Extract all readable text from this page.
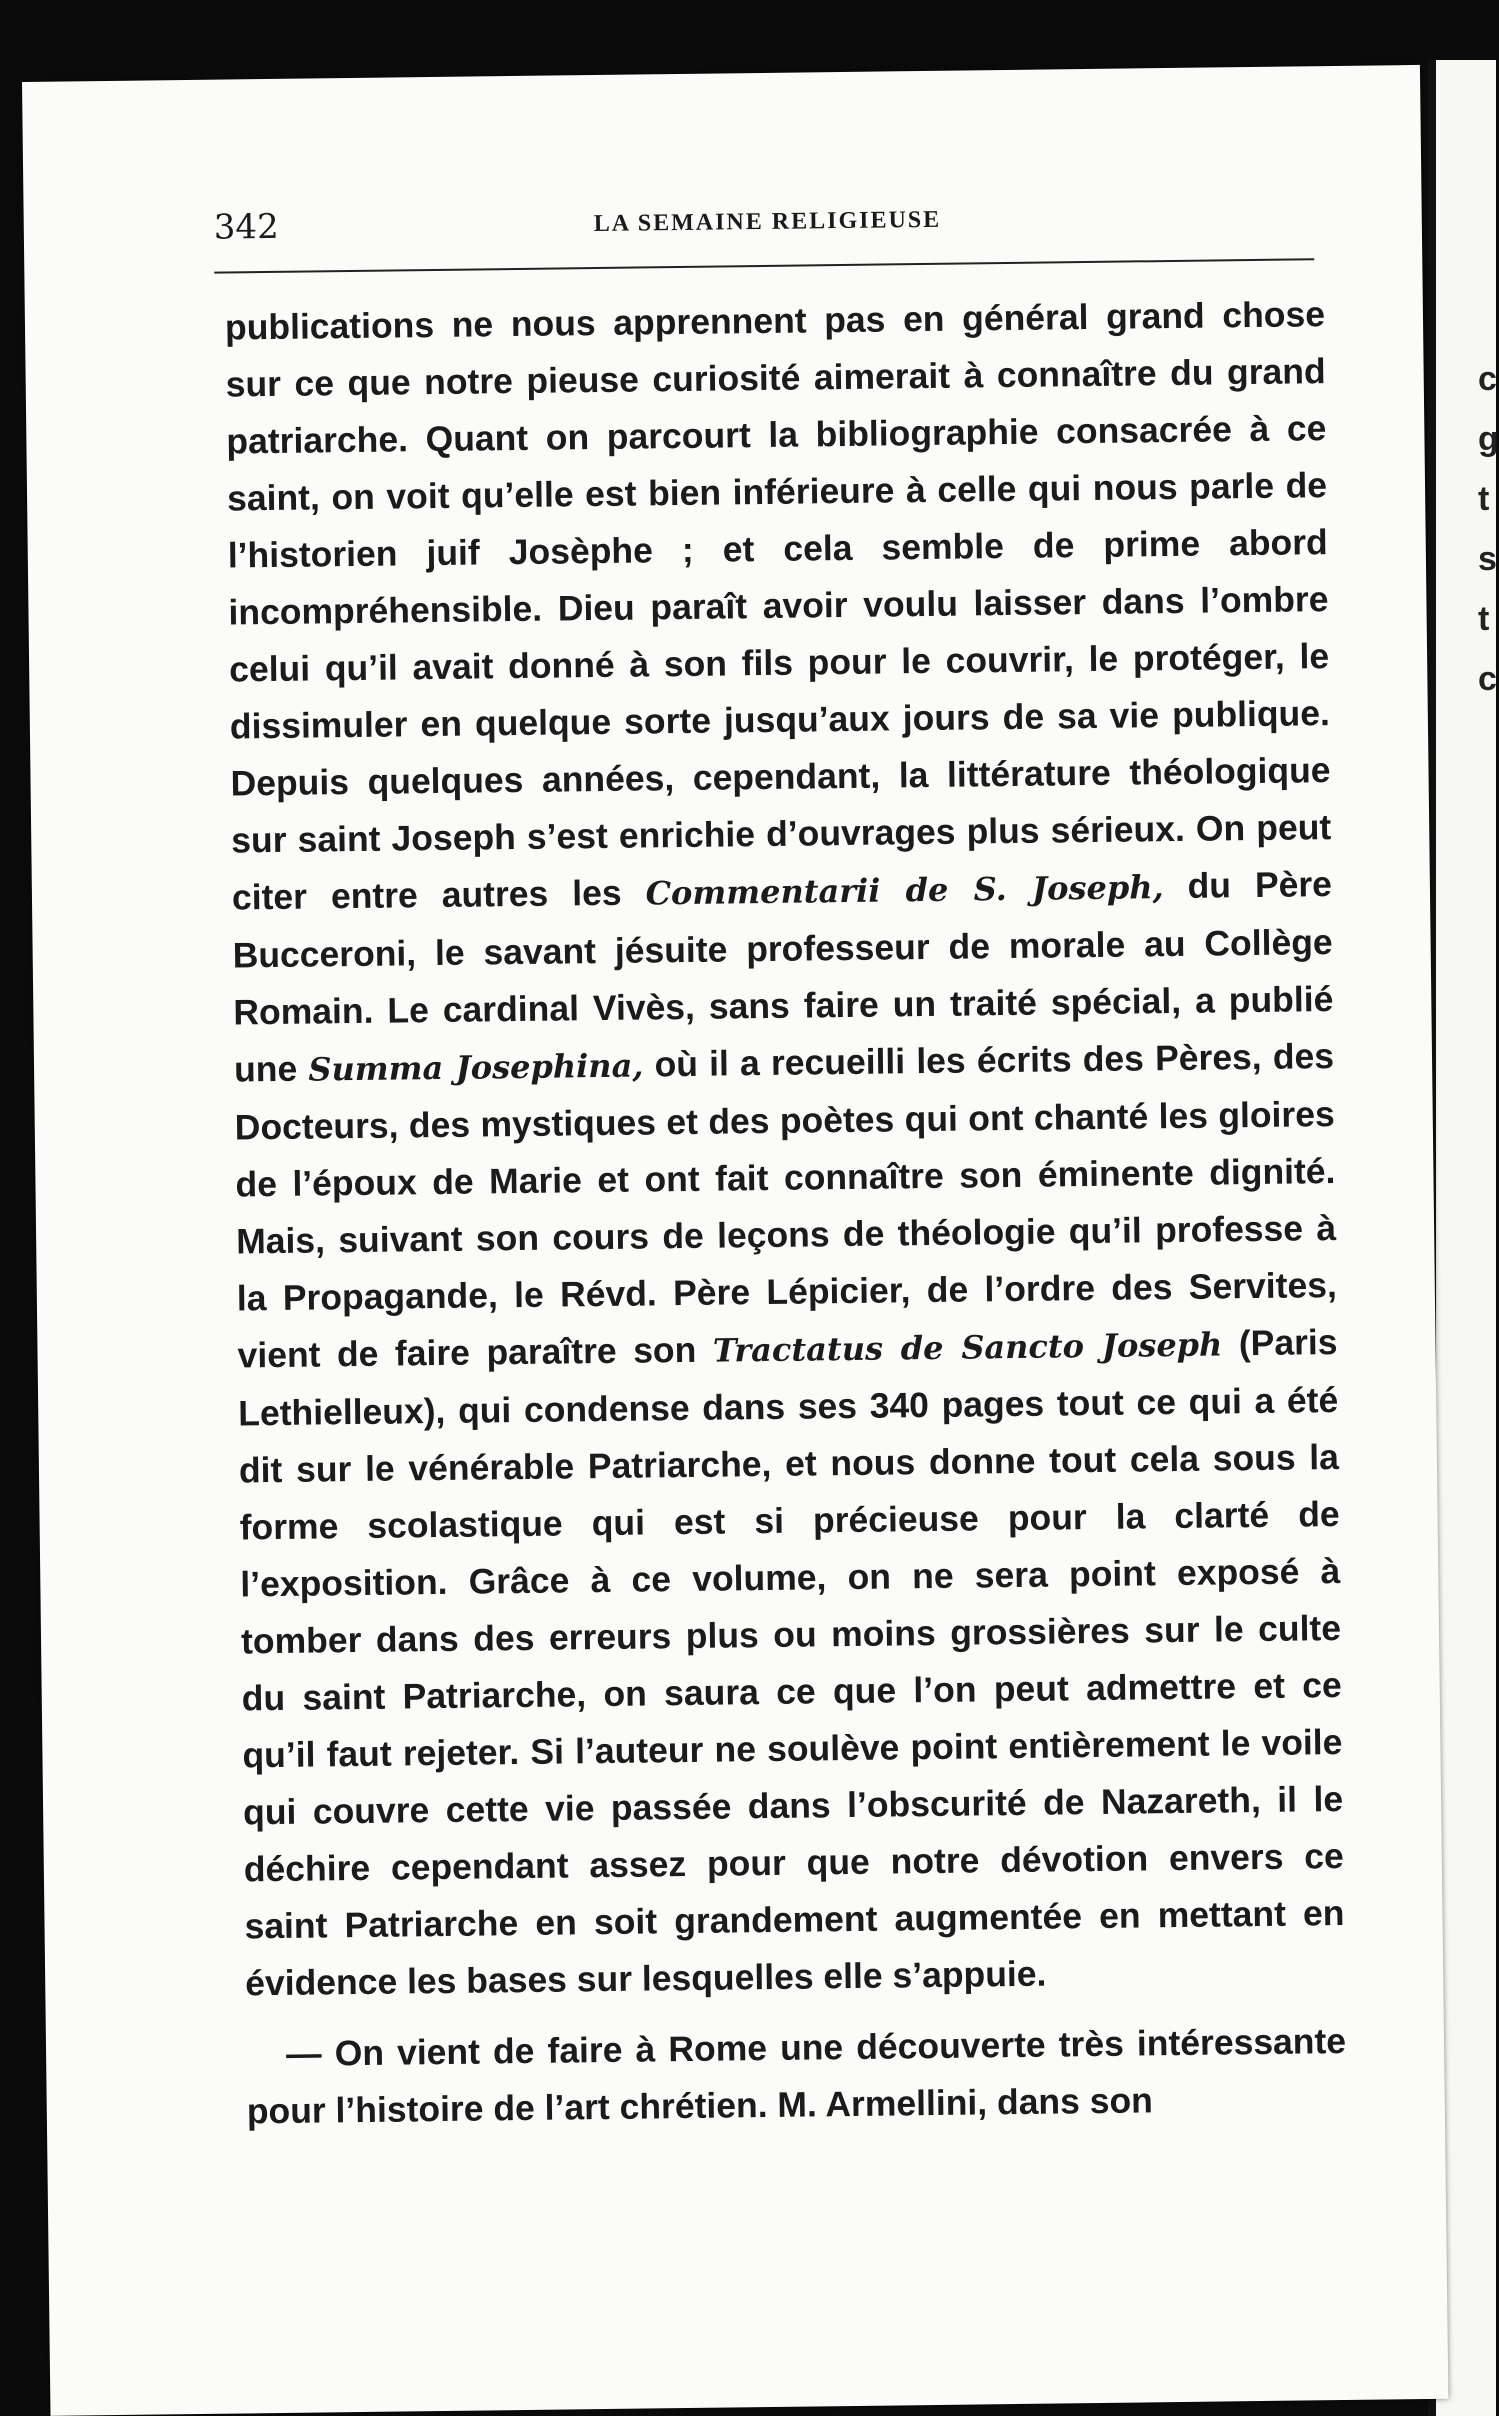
c
g
t
s
t
c
342	LA SEMAINE RELIGIEUSE

publications ne nous apprennent pas en général grand chose sur ce que notre pieuse curiosité aimerait à connaître du grand patriarche. Quant on parcourt la bibliographie consacrée à ce saint, on voit qu’elle est bien inférieure à celle qui nous parle de l’historien juif Josèphe ; et cela semble de prime abord incompréhensible. Dieu paraît avoir voulu laisser dans l’ombre celui qu’il avait donné à son fils pour le couvrir, le protéger, le dissimuler en quelque sorte jusqu’aux jours de sa vie publique. Depuis quelques années, cependant, la littérature théologique sur saint Joseph s’est enrichie d’ouvrages plus sérieux. On peut citer entre autres les Commentarii de S. Joseph, du Père Bucceroni, le savant jésuite professeur de morale au Collège Romain. Le cardinal Vivès, sans faire un traité spécial, a publié une Summa Josephina, où il a recueilli les écrits des Pères, des Docteurs, des mystiques et des poètes qui ont chanté les gloires de l’époux de Marie et ont fait connaître son éminente dignité. Mais, suivant son cours de leçons de théologie qu’il professe à la Propagande, le Révd. Père Lépicier, de l’ordre des Servites, vient de faire paraître son Tractatus de Sancto Joseph (Paris Lethielleux), qui condense dans ses 340 pages tout ce qui a été dit sur le vénérable Patriarche, et nous donne tout cela sous la forme scolastique qui est si précieuse pour la clarté de l’exposition. Grâce à ce volume, on ne sera point exposé à tomber dans des erreurs plus ou moins grossières sur le culte du saint Patriarche, on saura ce que l’on peut admettre et ce qu’il faut rejeter. Si l’auteur ne soulève point entièrement le voile qui couvre cette vie passée dans l’obscurité de Nazareth, il le déchire cependant assez pour que notre dévotion envers ce saint Patriarche en soit grandement augmentée en mettant en évidence les bases sur lesquelles elle s’appuie.

— On vient de faire à Rome une découverte très intéressante pour l’histoire de l’art chrétien. M. Armellini, dans son
